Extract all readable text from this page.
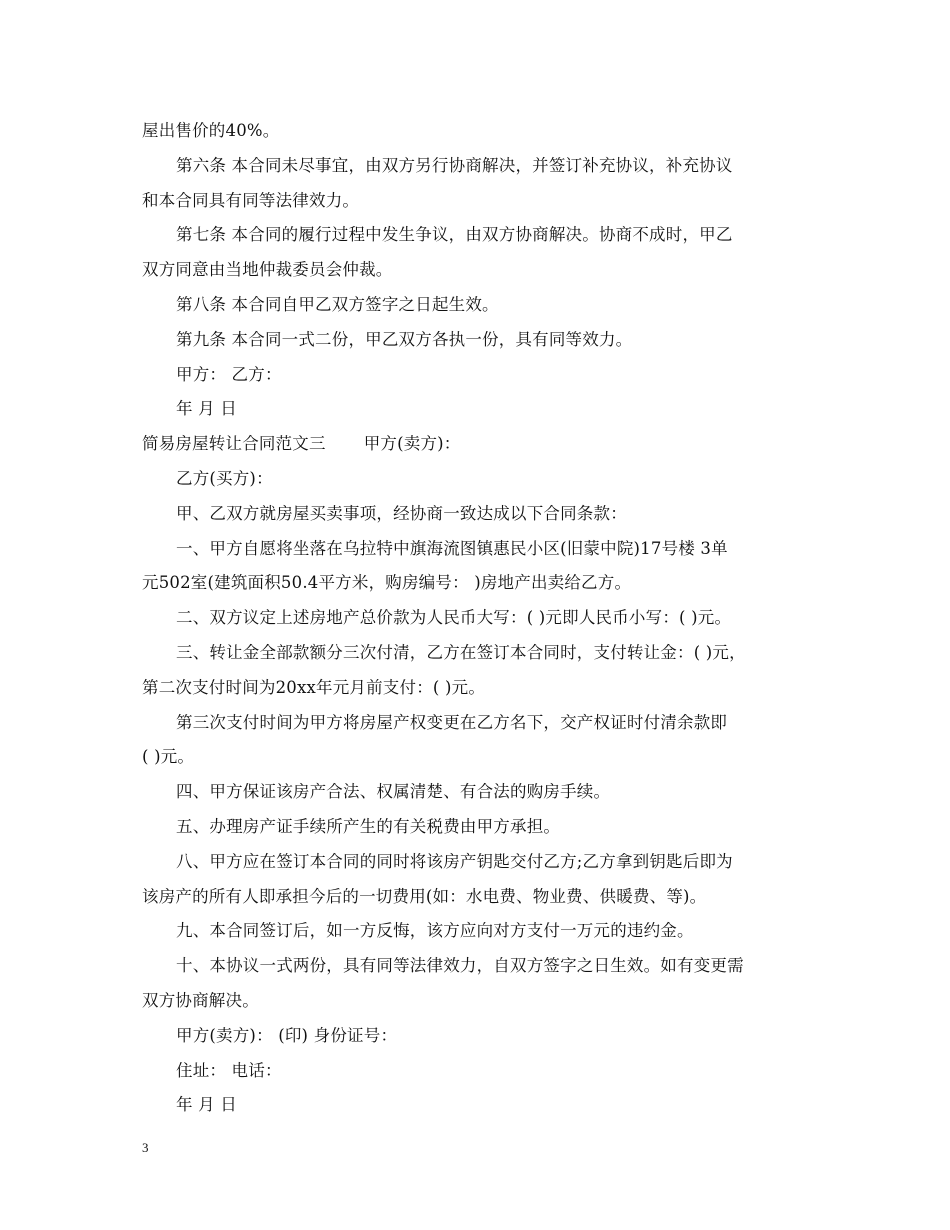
屋出售价的40%。
第六条 本合同未尽事宜，由双方另行协商解决，并签订补充协议，补充协议
和本合同具有同等法律效力。
第七条 本合同的履行过程中发生争议，由双方协商解决。协商不成时，甲乙
双方同意由当地仲裁委员会仲裁。
第八条 本合同自甲乙双方签字之日起生效。
第九条 本合同一式二份，甲乙双方各执一份，具有同等效力。
甲方： 乙方：
年 月 日
简易房屋转让合同范文三 甲方(卖方)：
乙方(买方)：
甲、乙双方就房屋买卖事项，经协商一致达成以下合同条款：
一、甲方自愿将坐落在乌拉特中旗海流图镇惠民小区(旧蒙中院)17号楼 3单
元502室(建筑面积50.4平方米，购房编号： )房地产出卖给乙方。
二、双方议定上述房地产总价款为人民币大写：( )元即人民币小写：( )元。
三、转让金全部款额分三次付清，乙方在签订本合同时，支付转让金：( )元，
第二次支付时间为20xx年元月前支付：( )元。
第三次支付时间为甲方将房屋产权变更在乙方名下，交产权证时付清余款即
( )元。
四、甲方保证该房产合法、权属清楚、有合法的购房手续。
五、办理房产证手续所产生的有关税费由甲方承担。
八、甲方应在签订本合同的同时将该房产钥匙交付乙方;乙方拿到钥匙后即为
该房产的所有人即承担今后的一切费用(如：水电费、物业费、供暖费、等)。
九、本合同签订后，如一方反悔，该方应向对方支付一万元的违约金。
十、本协议一式两份，具有同等法律效力，自双方签字之日生效。如有变更需
双方协商解决。
甲方(卖方)： (印) 身份证号：
住址： 电话：
年 月 日
3
